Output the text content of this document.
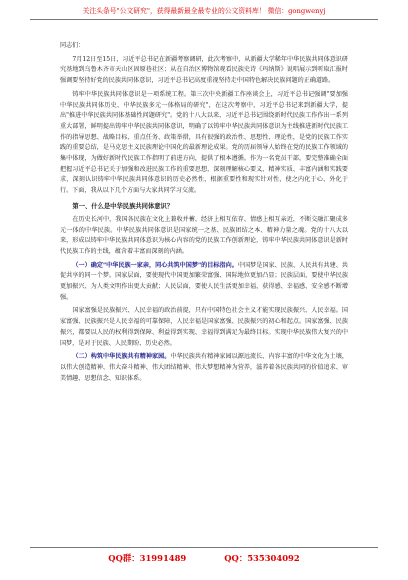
关注头条号"公文研究"，获得最新最全最专业的公文资料库！ 微信：gongwenyj

同志们：

7月12日至15日，习近平总书记在新疆考察调研，此次考察中，从新疆大学稀年中华民族共同体意识研究基地到乌鲁木齐市天山区固原巷社区；从在自治区博物馆观看民族史诗《玛纳斯》说唱展示到听取汇报时强调要坚持好党的民族共同体意识，习近平总书记高度重视坚持走中国特色解决民族问题的正确道路。

铸牢中华民族共同体意识是一项系统工程。第三次中央新疆工作座谈会上，习近平总书记强调"要加强中华民族共同体历史、中华民族多元一体格局的研究"，在这次考察中，习近平总书记来到新疆大学，提出"推进中华民族共同体基础性问题研究"。党的十八大以来，习近平总书记围绕新时代民族工作作出一系列重大部署，鲜明提出铸牢中华民族共同体意识，明确了以铸牢中华民族共同体意识为主线推进新时代民族工作的指导思想、战略目标、重点任务、政策举措，具有很强的政治性、思想性、理论性，是党的民族工作实践的重要总结，是马克思主义民族理论中国化的最新理论成果。党的历届领导人始终在党的民族工作领域的集中体现，为做好新时代民族工作指明了前进方向，提供了根本遵循。作为一名党员干部，要完整准确全面把握习近平总书记关于加强和改进民族工作的重要思想，深刻理解核心要义、精神实质、丰富内涵和实践要求，深刻认识铸牢中华民族共同体意识的历史必然性，根据重要性和现实针对性，使之内化于心、外化于行。下面，我从以下几个方面与大家共同学习交流。

第一、什么是中华民族共同体意识？

在历史长河中，我国各民族在文化上兼收并蓄、经济上相互依存、情感上相互亲近，不断交融汇聚成多元一体的中华民族。中华民族共同体意识是国家统一之基、民族团结之本、精神力量之魂。党的十八大以来，形成以铸牢中华民族共同体意识为核心内容的党的民族工作创新理论，铸牢中华民族共同体意识是新时代民族工作的主线，蕴含着丰富而深刻的内涵。

（一）确定"中华民族一家亲，同心共筑中国梦"的目标指向。中国梦是国家、民族、人民共有共建、共促共享的同一个梦。国家层面，要使现代中国更加繁荣富强、国际地位更加凸显；民族层面，要使中华民族更加振兴、为人类文明作出更大贡献；人民层面，要使人民生活更加幸福，获得感、幸福感、安全感不断增强。

国家富强是民族振兴、人民幸福的政治前提，只有中国特色社会主义才能实现民族振兴、人民幸福。国家富强、民族振兴是人民幸福的可靠保障，人民幸福是国家富强、民族振兴的初心和起点。国家富强、民族振兴，都要以人民的权利得到保障、利益得到实现、幸福得到满足为最终目标。实现中华民族伟大复兴的中国梦，是对于民族、人民期盼、历史必然。

（二）构筑中华民族共有精神家园。中华民族共有精神家园以源远流长、内容丰富的中华文化为土壤，以伟大创造精神、伟大奋斗精神、伟大团结精神、伟大梦想精神为营养，滋养着各民族共同的价值追求、审美情趣、思想信念、知识体系。

QQ群：31991489	QQ：535304092
